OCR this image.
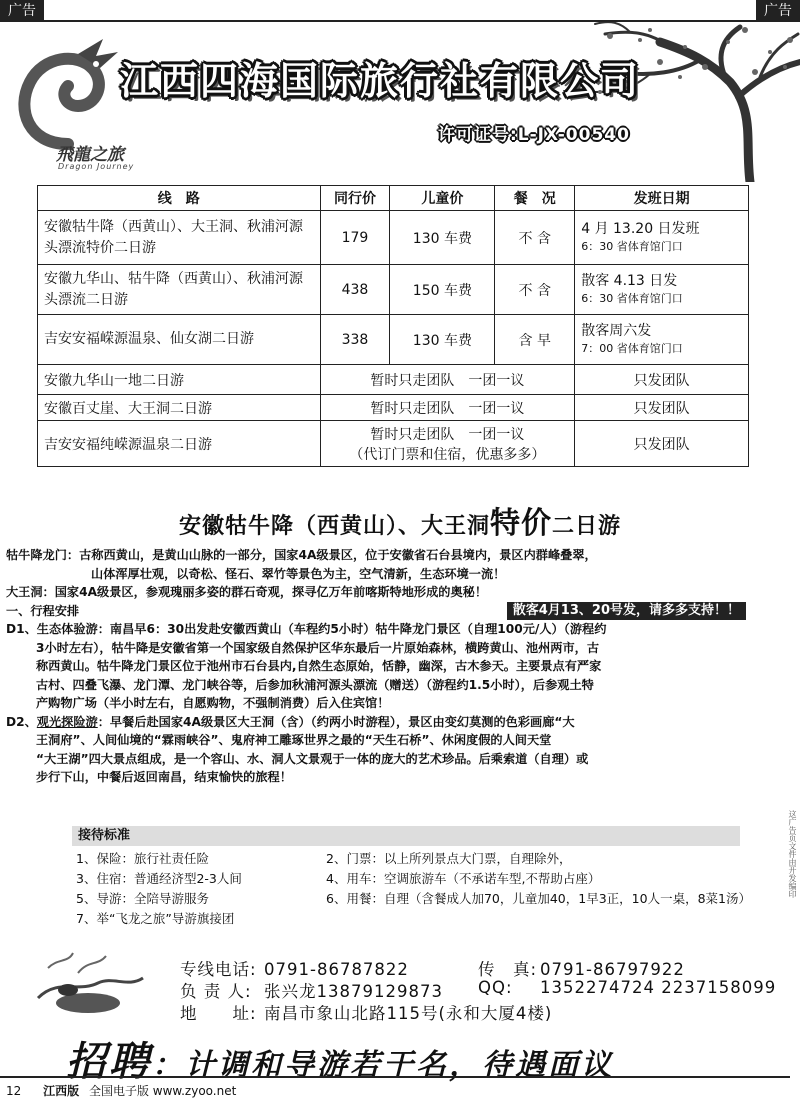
广告	广告
飛龍之旅
Dragon Journey
江西四海国际旅行社有限公司
许可证号:L-JX-00540
线　路	同行价	儿童价	餐　况	发班日期
安徽牯牛降（西黄山）、大王洞、秋浦河源头漂流特价二日游	179	130 车费	不 含	4 月 13.20 日发班
6：30 省体育馆门口

安徽九华山、牯牛降（西黄山）、秋浦河源头漂流二日游	438	150 车费	不 含	散客 4.13 日发
6：30 省体育馆门口

吉安安福嵘源温泉、仙女湖二日游	338	130 车费	含 早	散客周六发
7：00 省体育馆门口

安徽九华山一地二日游	暂时只走团队　一团一议			只发团队
安徽百丈崖、大王洞二日游	暂时只走团队　一团一议			只发团队
吉安安福纯嵘源温泉二日游	暂时只走团队　一团一议
（代订门票和住宿，优惠多多）			只发团队
安徽牯牛降（西黄山）、大王洞特价二日游

牯牛降龙门：古称西黄山，是黄山山脉的一部分，国家4A级景区，位于安徽省石台县境内，景区内群峰叠翠，

山体浑厚壮观，以奇松、怪石、翠竹等景色为主，空气清新，生态环境一流！

大王洞：国家4A级景区，参观瑰丽多姿的群石奇观，探寻亿万年前喀斯特地形成的奥秘！

一、行程安排	散客4月13、20号发，请多多支持！！

D1、生态体验游：南昌早6：30出发赴安徽西黄山（车程约5小时）牯牛降龙门景区（自理100元/人）（游程约

3小时左右），牯牛降是安徽省第一个国家级自然保护区华东最后一片原始森林，横跨黄山、池州两市，古

称西黄山。牯牛降龙门景区位于池州市石台县内,自然生态原始，恬静，幽深，古木参天。主要景点有严家

古村、四叠飞瀑、龙门潭、龙门峡谷等，后参加秋浦河源头漂流（赠送）（游程约1.5小时），后参观土特

产购物广场（半小时左右，自愿购物，不强制消费）后入住宾馆！

D2、观光探险游：早餐后赴国家4A级景区大王洞（含）（约两小时游程），景区由变幻莫测的色彩画廊“大

王洞府”、人间仙境的“霖雨峡谷”、鬼府神工雕琢世界之最的“天生石桥”、休闲度假的人间天堂

“大王湖”四大景点组成，是一个容山、水、洞人文景观于一体的庞大的艺术珍品。后乘索道（自理）或

步行下山，中餐后返回南昌，结束愉快的旅程！

接待标准
1、保险：旅行社责任险	2、门票：以上所列景点大门票，自理除外，
3、住宿：普通经济型2-3人间	4、用车：空调旅游车（不承诺车型,不帮助占座）
5、导游：全陪导游服务	6、用餐：自理（含餐成人加70，儿童加40，1早3正，10人一桌，8菜1汤）
7、举“飞龙之旅”导游旗接团
专线电话: 0791-86787822	传　真: 0791-86797922
负 责 人: 张兴龙13879129873 QQ: 1352274724 2237158099
地　　址: 南昌市象山北路115号(永和大厦4楼)
招聘：计调和导游若干名，待遇面议
12 江西版 全国电子版 www.zyoo.net
这广告页文件由开发编印
